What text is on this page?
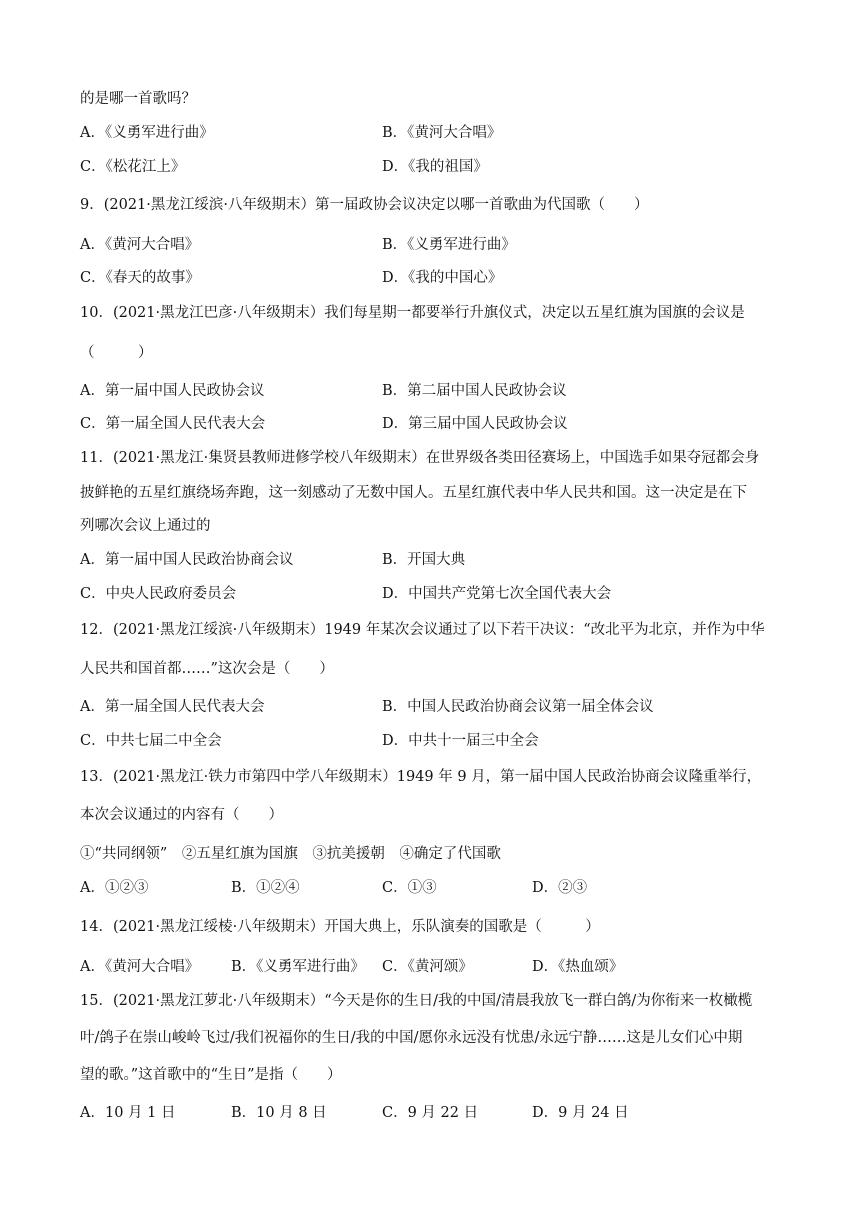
的是哪一首歌吗？
A．《义勇军进行曲》	B．《黄河大合唱》
C．《松花江上》	D．《我的祖国》
9．(2021·黑龙江绥滨·八年级期末）第一届政协会议决定以哪一首歌曲为代国歌（　　）
A．《黄河大合唱》	B．《义勇军进行曲》
C．《春天的故事》	D．《我的中国心》
10．(2021·黑龙江巴彦·八年级期末）我们每星期一都要举行升旗仪式，决定以五星红旗为国旗的会议是
（　　　）
A．第一届中国人民政协会议	B．第二届中国人民政协会议
C．第一届全国人民代表大会	D．第三届中国人民政协会议
11．(2021·黑龙江·集贤县教师进修学校八年级期末）在世界级各类田径赛场上，中国选手如果夺冠都会身
披鲜艳的五星红旗绕场奔跑，这一刻感动了无数中国人。五星红旗代表中华人民共和国。这一决定是在下
列哪次会议上通过的
A．第一届中国人民政治协商会议	B．开国大典
C．中央人民政府委员会	D．中国共产党第七次全国代表大会
12．(2021·黑龙江绥滨·八年级期末）1949 年某次会议通过了以下若干决议：“改北平为北京，并作为中华
人民共和国首都……”这次会是（　　）
A．第一届全国人民代表大会	B．中国人民政治协商会议第一届全体会议
C．中共七届二中全会	D．中共十一届三中全会
13．(2021·黑龙江·铁力市第四中学八年级期末）1949 年 9 月，第一届中国人民政治协商会议隆重举行，
本次会议通过的内容有（　　）
①“共同纲领”　②五星红旗为国旗　③抗美援朝　④确定了代国歌
A．①②③	B．①②④	C．①③	D．②③
14．(2021·黑龙江绥棱·八年级期末）开国大典上，乐队演奏的国歌是（　　　）
A．《黄河大合唱》 B．《义勇军进行曲》 C．《黄河颂》	D．《热血颂》
15．(2021·黑龙江萝北·八年级期末）“今天是你的生日/我的中国/清晨我放飞一群白鸽/为你衔来一枚橄榄
叶/鸽子在崇山峻岭飞过/我们祝福你的生日/我的中国/愿你永远没有忧患/永远宁静……这是儿女们心中期
望的歌。”这首歌中的“生日”是指（　　）
A．10 月 1 日	B．10 月 8 日	C．9 月 22 日	D．9 月 24 日
